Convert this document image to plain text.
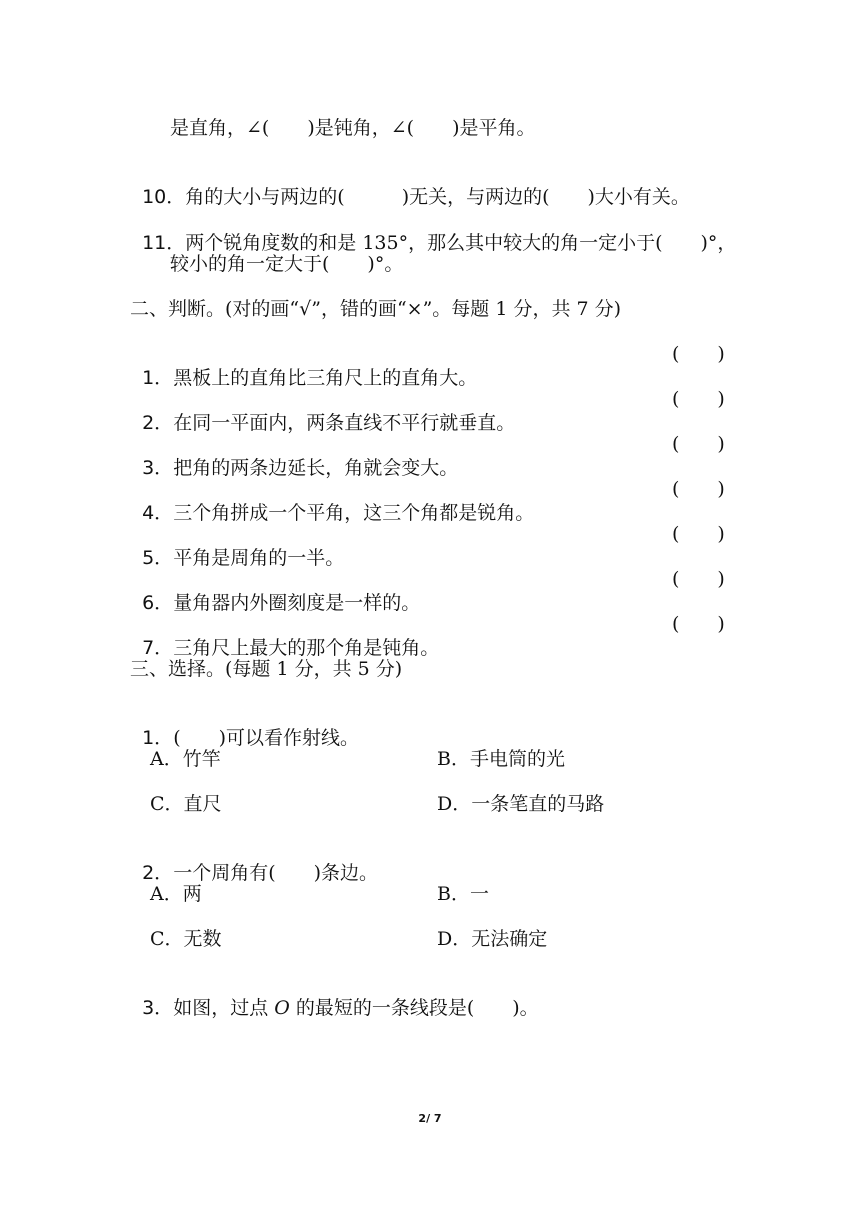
是直角，∠(　　)是钝角，∠(　　)是平角。

10．角的大小与两边的(　　　)无关，与两边的(　　)大小有关。

11．两个锐角度数的和是 135°，那么其中较大的角一定小于(　　)°，

较小的角一定大于(　　)°。
二、判断。(对的画“√”，错的画“×”。每题 1 分，共 7 分)

1．黑板上的直角比三角尺上的直角大。

(　　)

2．在同一平面内，两条直线不平行就垂直。

(　　)

3．把角的两条边延长，角就会变大。

(　　)

4．三个角拼成一个平角，这三个角都是锐角。

(　　)

5．平角是周角的一半。

(　　)

6．量角器内外圈刻度是一样的。

(　　)

7．三角尺上最大的那个角是钝角。

(　　)
三、选择。(每题 1 分，共 5 分)

1．(　　)可以看作射线。

A．竹竿	B．手电筒的光
C．直尺	D．一条笔直的马路

2．一个周角有(　　)条边。

A．两	B．一
C．无数	D．无法确定

3．如图，过点 O 的最短的一条线段是(　　)。

2/ 7
